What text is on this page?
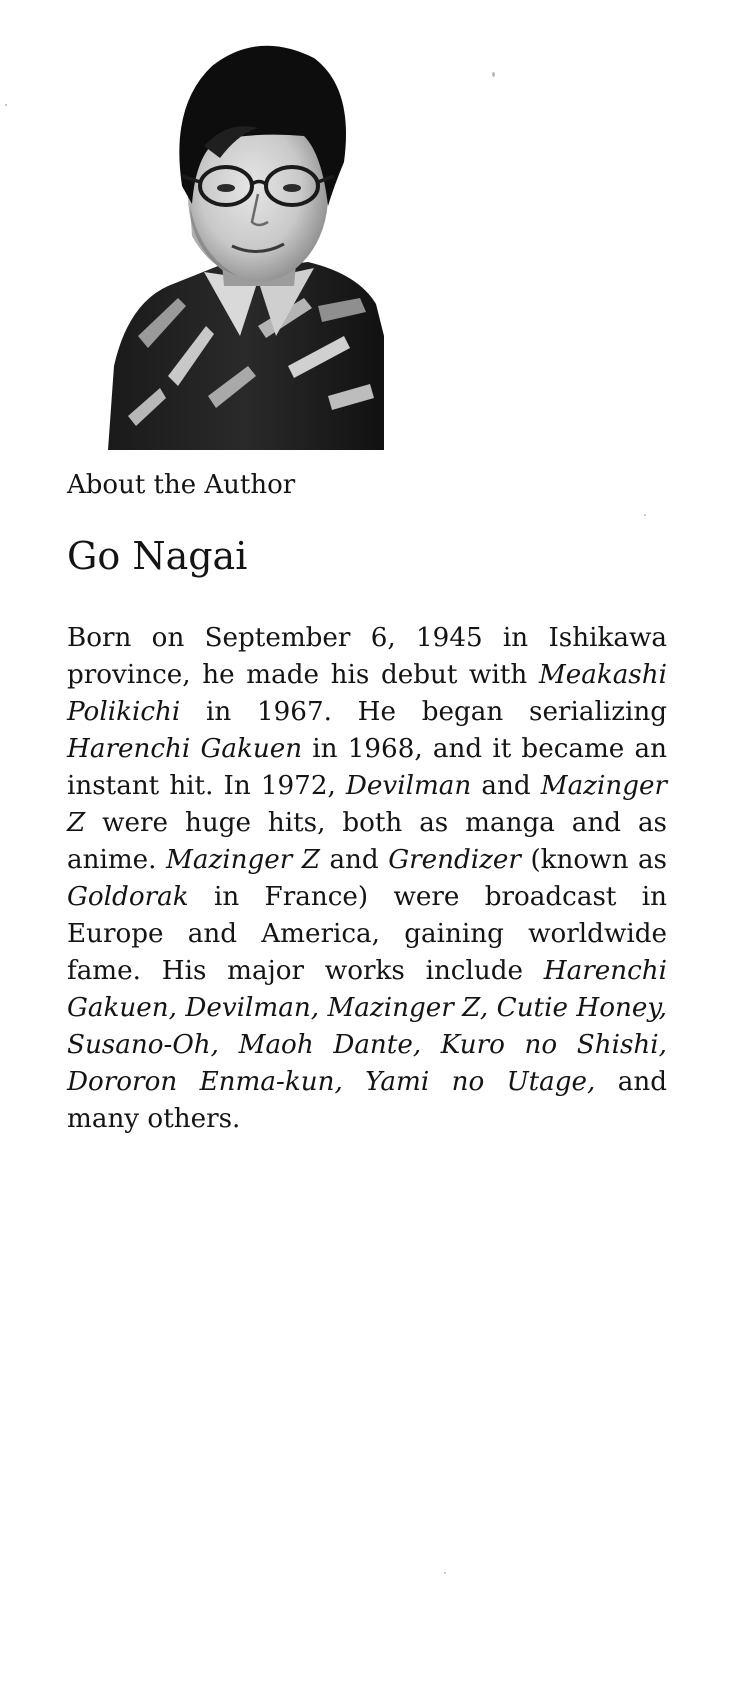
About the Author
Go Nagai

Born on September 6, 1945 in Ishikawa province, he made his debut with Meakashi Polikichi in 1967. He began serializing Harenchi Gakuen in 1968, and it became an instant hit. In 1972, Devilman and Mazinger Z were huge hits, both as manga and as anime. Mazinger Z and Grendizer (known as Goldorak in France) were broadcast in Europe and America, gaining worldwide fame. His major works include Harenchi Gakuen, Devilman, Mazinger Z, Cutie Honey, Susano-Oh, Maoh Dante, Kuro no Shishi, Dororon Enma-kun, Yami no Utage, and many others.
